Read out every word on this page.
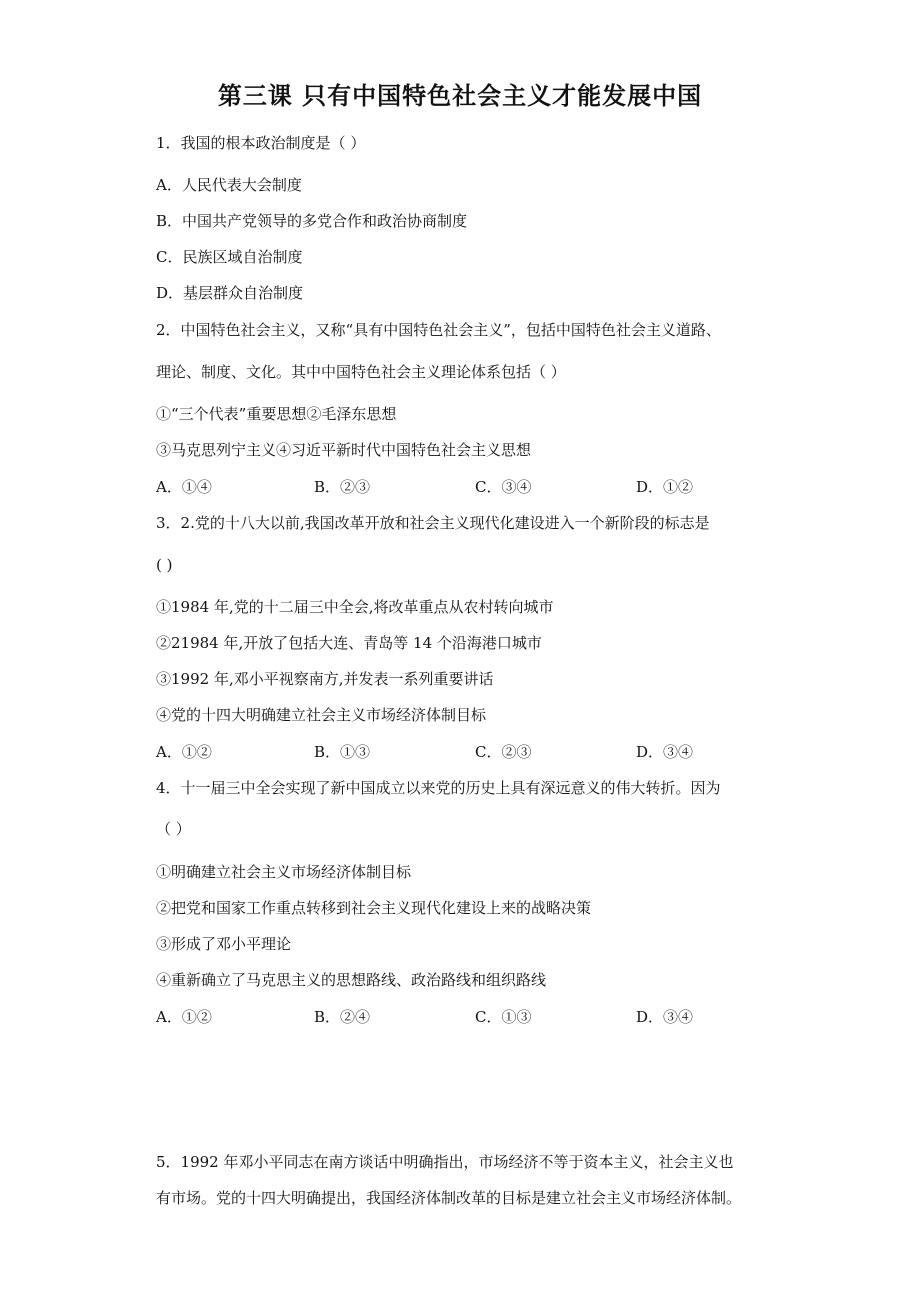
第三课 只有中国特色社会主义才能发展中国
1．我国的根本政治制度是（ ）
A．人民代表大会制度
B．中国共产党领导的多党合作和政治协商制度
C．民族区域自治制度
D．基层群众自治制度
2．中国特色社会主义，又称“具有中国特色社会主义”，包括中国特色社会主义道路、
理论、制度、文化。其中中国特色社会主义理论体系包括（ ）
①“三个代表”重要思想②毛泽东思想
③马克思列宁主义④习近平新时代中国特色社会主义思想
A．①④	B．②③	C．③④	D．①②
3．2.党的十八大以前,我国改革开放和社会主义现代化建设进入一个新阶段的标志是
( )
①1984 年,党的十二届三中全会,将改革重点从农村转向城市
②21984 年,开放了包括大连、青岛等 14 个沿海港口城市
③1992 年,邓小平视察南方,并发表一系列重要讲话
④党的十四大明确建立社会主义市场经济体制目标
A．①②	B．①③	C．②③	D．③④
4．十一届三中全会实现了新中国成立以来党的历史上具有深远意义的伟大转折。因为
（ ）
①明确建立社会主义市场经济体制目标
②把党和国家工作重点转移到社会主义现代化建设上来的战略决策
③形成了邓小平理论
④重新确立了马克思主义的思想路线、政治路线和组织路线
A．①②	B．②④	C．①③	D．③④
5．1992 年邓小平同志在南方谈话中明确指出，市场经济不等于资本主义，社会主义也
有市场。党的十四大明确提出，我国经济体制改革的目标是建立社会主义市场经济体制。
